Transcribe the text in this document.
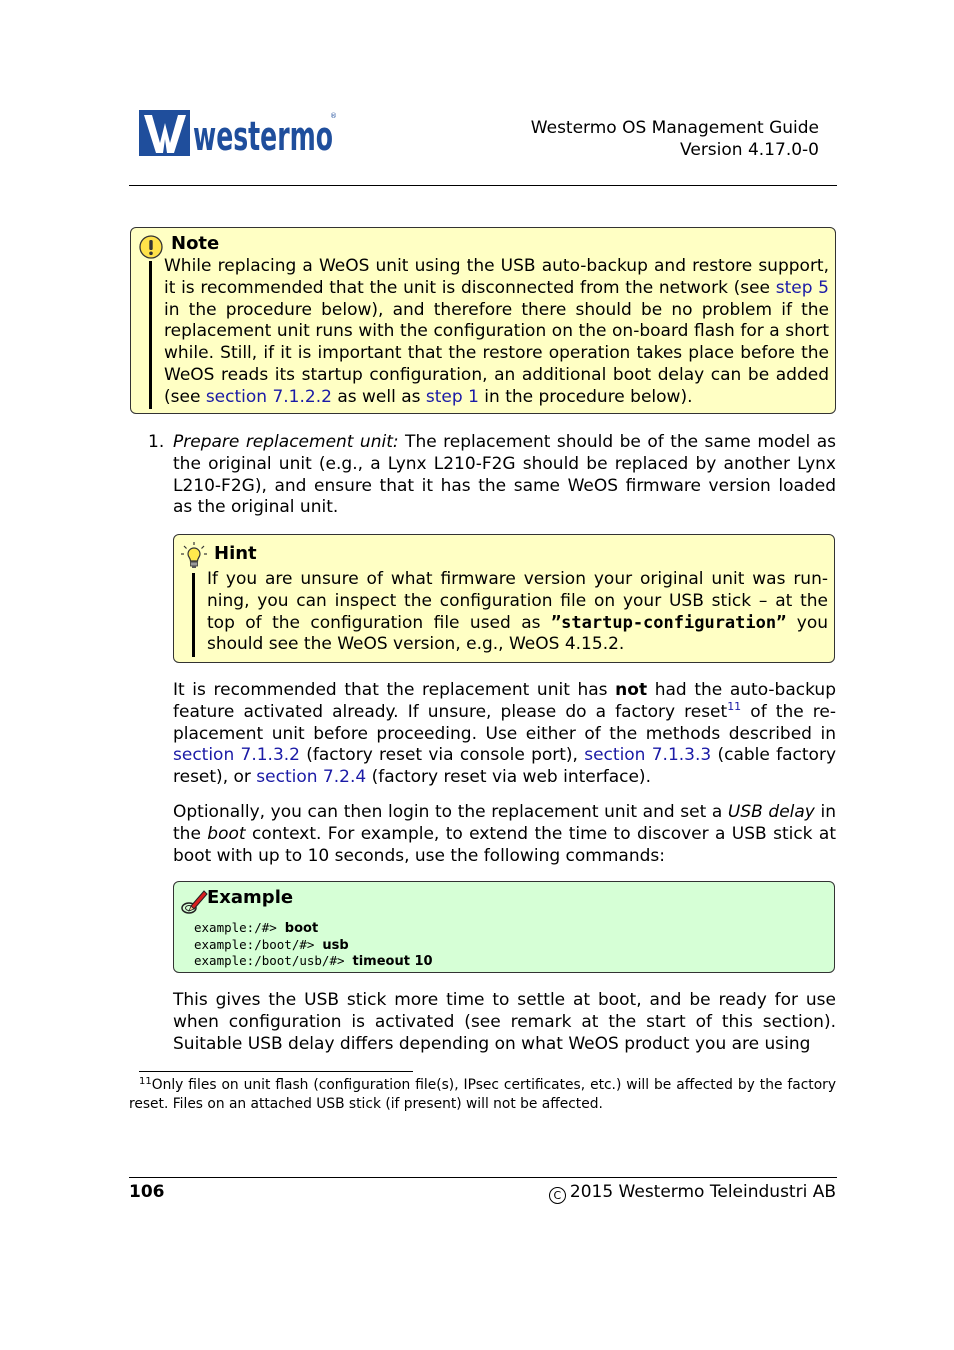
westermo
®
Westermo OS Management Guide
Version 4.17.0-0
Note
While replacing a WeOS unit using the USB auto-backup and restore support, it is recommended that the unit is disconnected from the network (see step 5 in the procedure below), and therefore there should be no problem if the replacement unit runs with the configuration on the on-board flash for a short while. Still, if it is important that the restore operation takes place before the WeOS reads its startup configuration, an additional boot delay can be added (see section 7.1.2.2 as well as step 1 in the procedure below).
1. Prepare replacement unit: The replacement should be of the same model as the original unit (e.g., a Lynx L210-F2G should be replaced by another Lynx L210-F2G), and ensure that it has the same WeOS firmware version loaded as the original unit.
Hint
If you are unsure of what firmware version your original unit was run-ning, you can inspect the configuration file on your USB stick – at the top of the configuration file used as ”startup-configuration” you should see the WeOS version, e.g., WeOS 4.15.2.
It is recommended that the replacement unit has not had the auto-backup feature activated already. If unsure, please do a factory reset$^{11}$ of the re-placement unit before proceeding. Use either of the methods described in section 7.1.3.2 (factory reset via console port), section 7.1.3.3 (cable factory reset), or section 7.2.4 (factory reset via web interface).
Optionally, you can then login to the replacement unit and set a USB delay in the boot context. For example, to extend the time to discover a USB stick at boot with up to 10 seconds, use the following commands:
Example
example:/#> boot
example:/boot/#> usb
example:/boot/usb/#> timeout 10
This gives the USB stick more time to settle at boot, and be ready for use when configuration is activated (see remark at the start of this section). Suitable USB delay differs depending on what WeOS product you are using
$^{11}$Only files on unit flash (configuration file(s), IPsec certificates, etc.) will be affected by the factory reset. Files on an attached USB stick (if present) will not be affected.
106	C 2015 Westermo Teleindustri AB
